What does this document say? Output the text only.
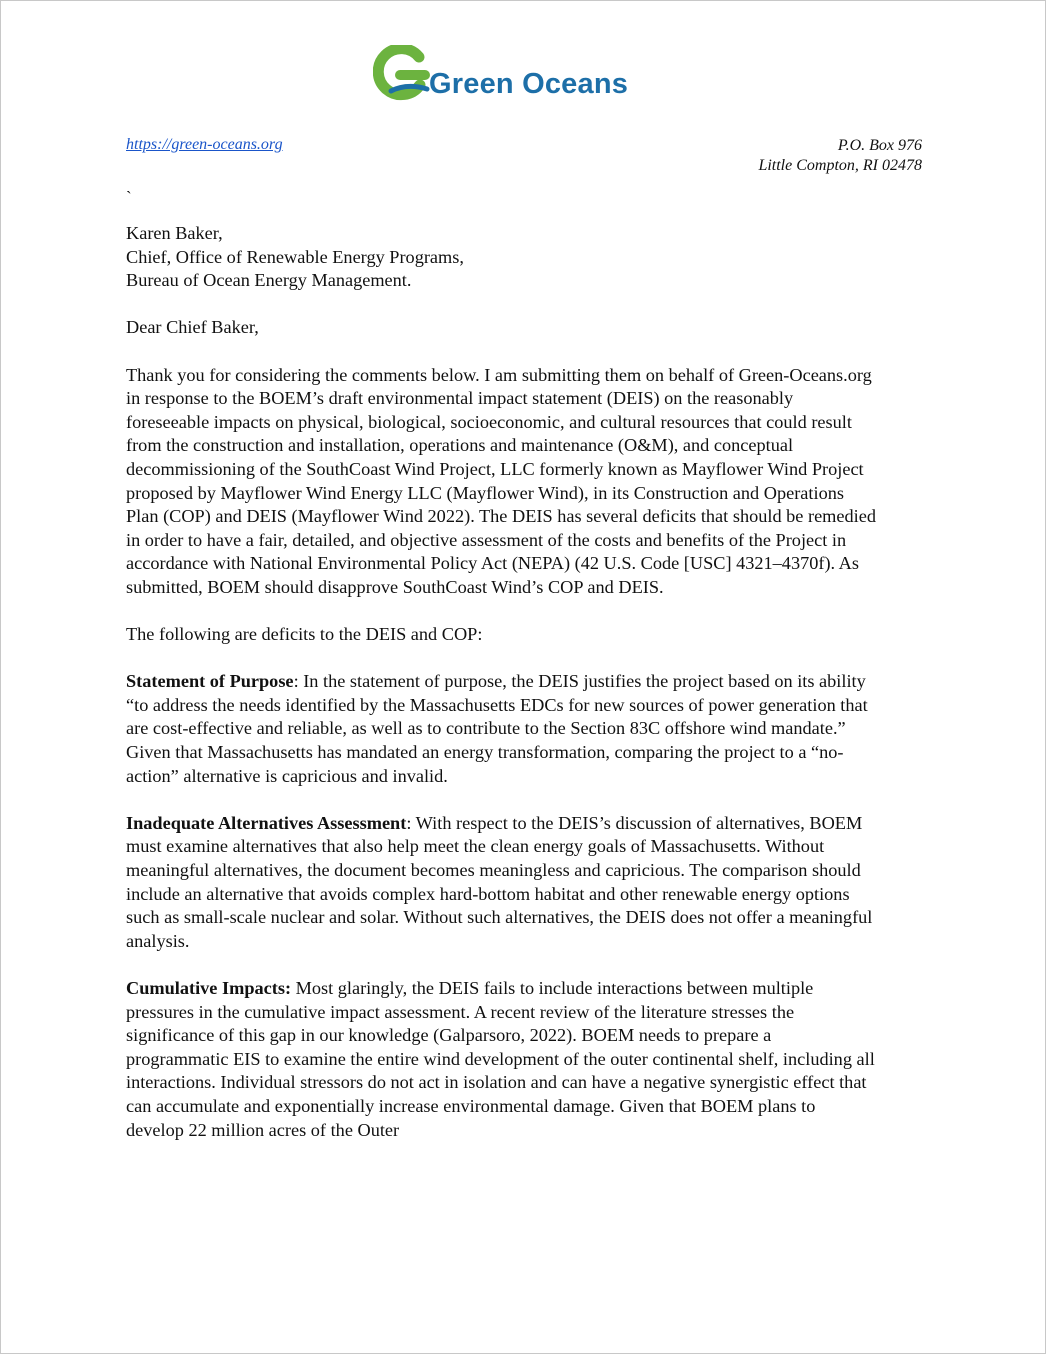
Green Oceans
https://green-oceans.org	P.O. Box 976
Little Compton, RI 02478
`

Karen Baker,
Chief, Office of Renewable Energy Programs,
Bureau of Ocean Energy Management.

Dear Chief Baker,

Thank you for considering the comments below. I am submitting them on behalf of Green-Oceans.org in response to the BOEM’s draft environmental impact statement (DEIS) on the reasonably foreseeable impacts on physical, biological, socioeconomic, and cultural resources that could result from the construction and installation, operations and maintenance (O&M), and conceptual decommissioning of the SouthCoast Wind Project, LLC formerly known as Mayflower Wind Project proposed by Mayflower Wind Energy LLC (Mayflower Wind), in its Construction and Operations Plan (COP) and DEIS (Mayflower Wind 2022). The DEIS has several deficits that should be remedied in order to have a fair, detailed, and objective assessment of the costs and benefits of the Project in accordance with National Environmental Policy Act (NEPA) (42 U.S. Code [USC] 4321–4370f). As submitted, BOEM should disapprove SouthCoast Wind’s COP and DEIS.

The following are deficits to the DEIS and COP:

Statement of Purpose: In the statement of purpose, the DEIS justifies the project based on its ability “to address the needs identified by the Massachusetts EDCs for new sources of power generation that are cost-effective and reliable, as well as to contribute to the Section 83C offshore wind mandate.” Given that Massachusetts has mandated an energy transformation, comparing the project to a “no-action” alternative is capricious and invalid.

Inadequate Alternatives Assessment: With respect to the DEIS’s discussion of alternatives, BOEM must examine alternatives that also help meet the clean energy goals of Massachusetts. Without meaningful alternatives, the document becomes meaningless and capricious. The comparison should include an alternative that avoids complex hard-bottom habitat and other renewable energy options such as small-scale nuclear and solar. Without such alternatives, the DEIS does not offer a meaningful analysis.

Cumulative Impacts: Most glaringly, the DEIS fails to include interactions between multiple pressures in the cumulative impact assessment. A recent review of the literature stresses the significance of this gap in our knowledge (Galparsoro, 2022). BOEM needs to prepare a programmatic EIS to examine the entire wind development of the outer continental shelf, including all interactions. Individual stressors do not act in isolation and can have a negative synergistic effect that can accumulate and exponentially increase environmental damage. Given that BOEM plans to develop 22 million acres of the Outer
